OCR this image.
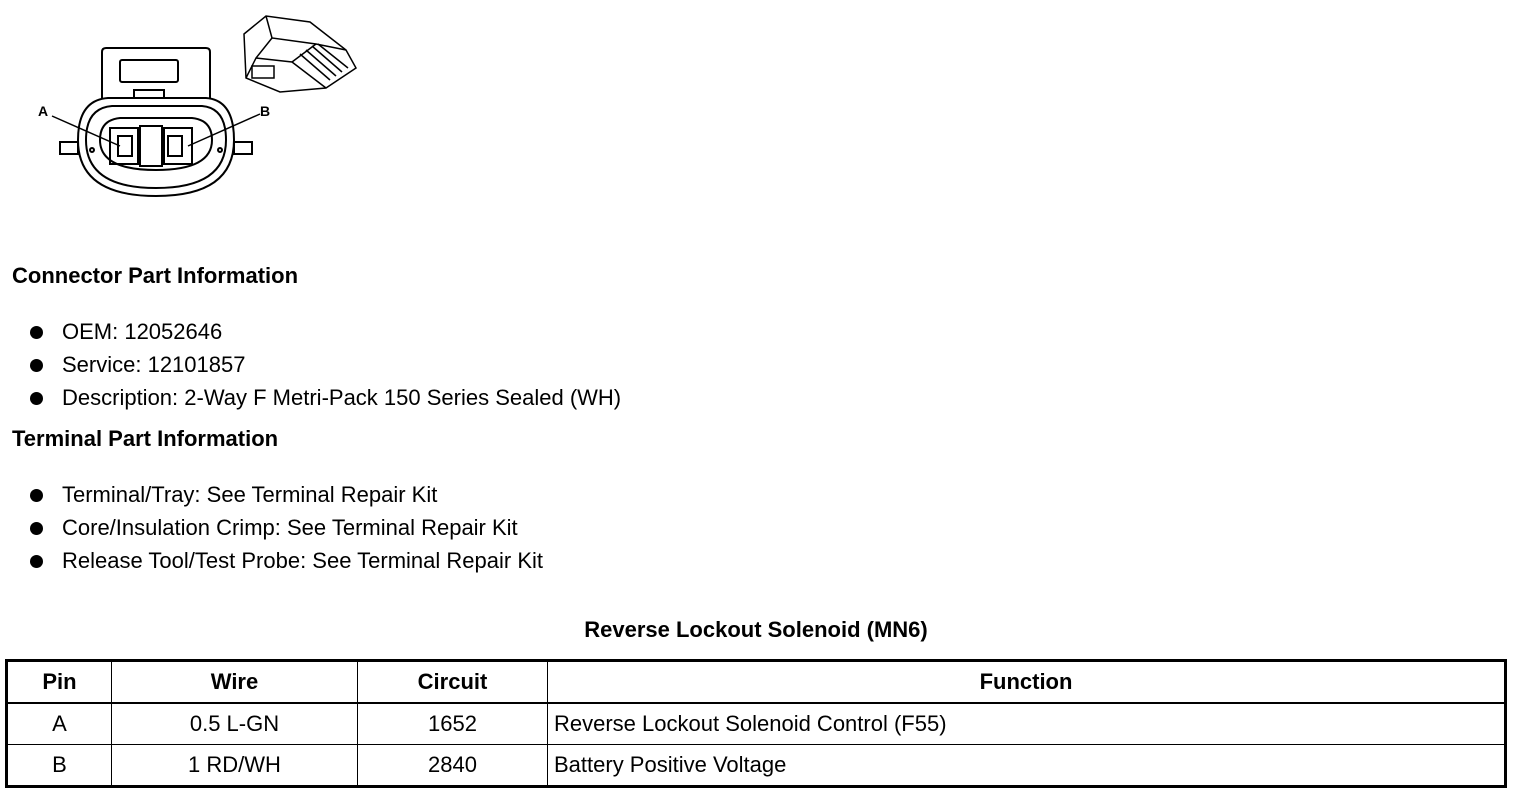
A	B
Connector Part Information
OEM: 12052646
Service: 12101857
Description: 2-Way F Metri-Pack 150 Series Sealed (WH)
Terminal Part Information
Terminal/Tray: See Terminal Repair Kit
Core/Insulation Crimp: See Terminal Repair Kit
Release Tool/Test Probe: See Terminal Repair Kit
Reverse Lockout Solenoid (MN6)
Pin	Wire	Circuit	Function
A	0.5 L-GN	1652	Reverse Lockout Solenoid Control (F55)
B	1 RD/WH	2840	Battery Positive Voltage
